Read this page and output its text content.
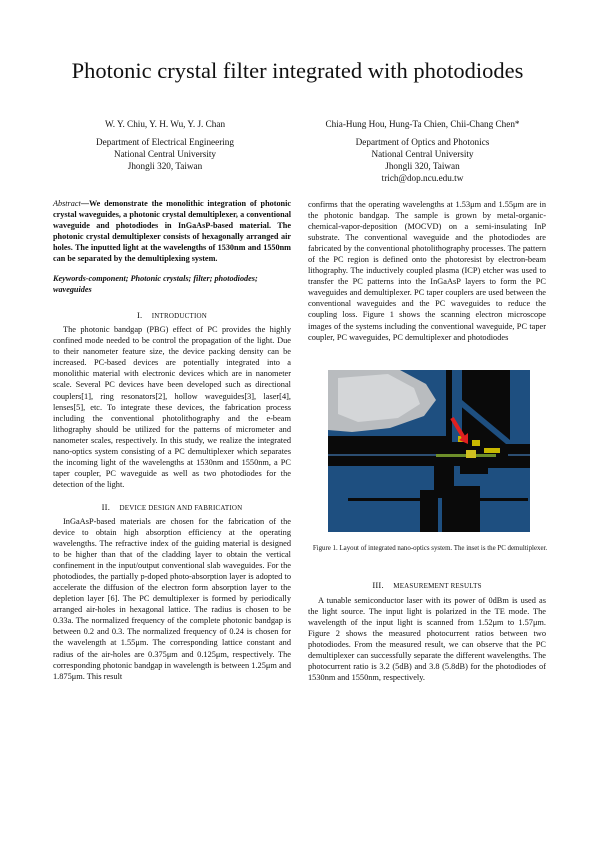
Photonic crystal filter integrated with photodiodes
W. Y. Chiu, Y. H. Wu, Y. J. Chan
Department of Electrical Engineering
National Central University
Jhongli 320, Taiwan
Chia-Hung Hou, Hung-Ta Chien, Chii-Chang Chen*
Department of Optics and Photonics
National Central University
Jhongli 320, Taiwan
trich@dop.ncu.edu.tw
Abstract—We demonstrate the monolithic integration of photonic crystal waveguides, a photonic crystal demultiplexer, a conventional waveguide and photodiodes in InGaAsP-based material. The photonic crystal demultiplexer consists of hexagonally arranged air holes. The inputted light at the wavelengths of 1530nm and 1550nm can be separated by the demultiplexing system.
Keywords-component; Photonic crystals; filter; photodiodes; waveguides
I. INTRODUCTION

The photonic bandgap (PBG) effect of PC provides the highly confined mode needed to be control the propagation of the light. Due to their nanometer feature size, the device packing density can be increased. PC-based devices are potentially integrated into a monolithic material with electronic devices which are in nanometer scale. Several PC devices have been developed such as directional couplers[1], ring resonators[2], hollow waveguides[3], laser[4], lenses[5], etc. To integrate these devices, the fabrication process including the conventional photolithography and the e-beam lithography should be utilized for the patterns of micrometer and nanometer scales, respectively. In this study, we realize the integrated nano-optics system consisting of a PC demultiplexer which separates the incoming light of the wavelengths at 1530nm and 1550nm, a PC taper coupler, PC waveguide as well as two photodiodes for the detection of the light.

II. DEVICE DESIGN AND FABRICATION

InGaAsP-based materials are chosen for the fabrication of the device to obtain high absorption efficiency at the operating wavelengths. The refractive index of the guiding material is designed to be higher than that of the cladding layer to obtain the vertical confinement in the input/output conventional slab waveguides. For the photodiodes, the partially p-doped photo-absorption layer is adopted to accelerate the diffusion of the electron form absorption layer to the depletion layer [6]. The PC demultiplexer is formed by periodically arranged air-holes in hexagonal lattice. The radius is chosen to be 0.33a. The normalized frequency of the complete photonic bandgap is between 0.2 and 0.3. The normalized frequency of 0.24 is chosen for the wavelength at 1.55μm. The corresponding lattice constant and radius of the air-holes are 0.375μm and 0.125μm, respectively. The corresponding photonic bandgap in wavelength is between 1.25μm and 1.875μm. This result

confirms that the operating wavelengths at 1.53μm and 1.55μm are in the photonic bandgap. The sample is grown by metal-organic-chemical-vapor-deposition (MOCVD) on a semi-insulating InP substrate. The conventional waveguide and the photodiodes are fabricated by the conventional photolithography processes. The pattern of the PC region is defined onto the photoresist by electron-beam lithography. The inductively coupled plasma (ICP) etcher was used to transfer the PC patterns into the InGaAsP layers to form the PC waveguides and demultiplexer. PC taper couplers are used between the conventional waveguides and the PC waveguides to reduce the coupling loss. Figure 1 shows the scanning electron microscope images of the systems including the conventional waveguide, PC taper coupler, PC waveguides, PC demultiplexer and photodiodes

Figure 1. Layout of integrated nano-optics system. The inset is the PC demultiplexer.
III. MEASUREMENT RESULTS

A tunable semiconductor laser with its power of 0dBm is used as the light source. The input light is polarized in the TE mode. The wavelength of the input light is scanned from 1.52μm to 1.57μm. Figure 2 shows the measured photocurrent ratios between two photodiodes. From the measured result, we can observe that the PC demultiplexer can successfully separate the different wavelengths. The photocurrent ratio is 3.2 (5dB) and 3.8 (5.8dB) for the photodiodes of 1530nm and 1550nm, respectively.
